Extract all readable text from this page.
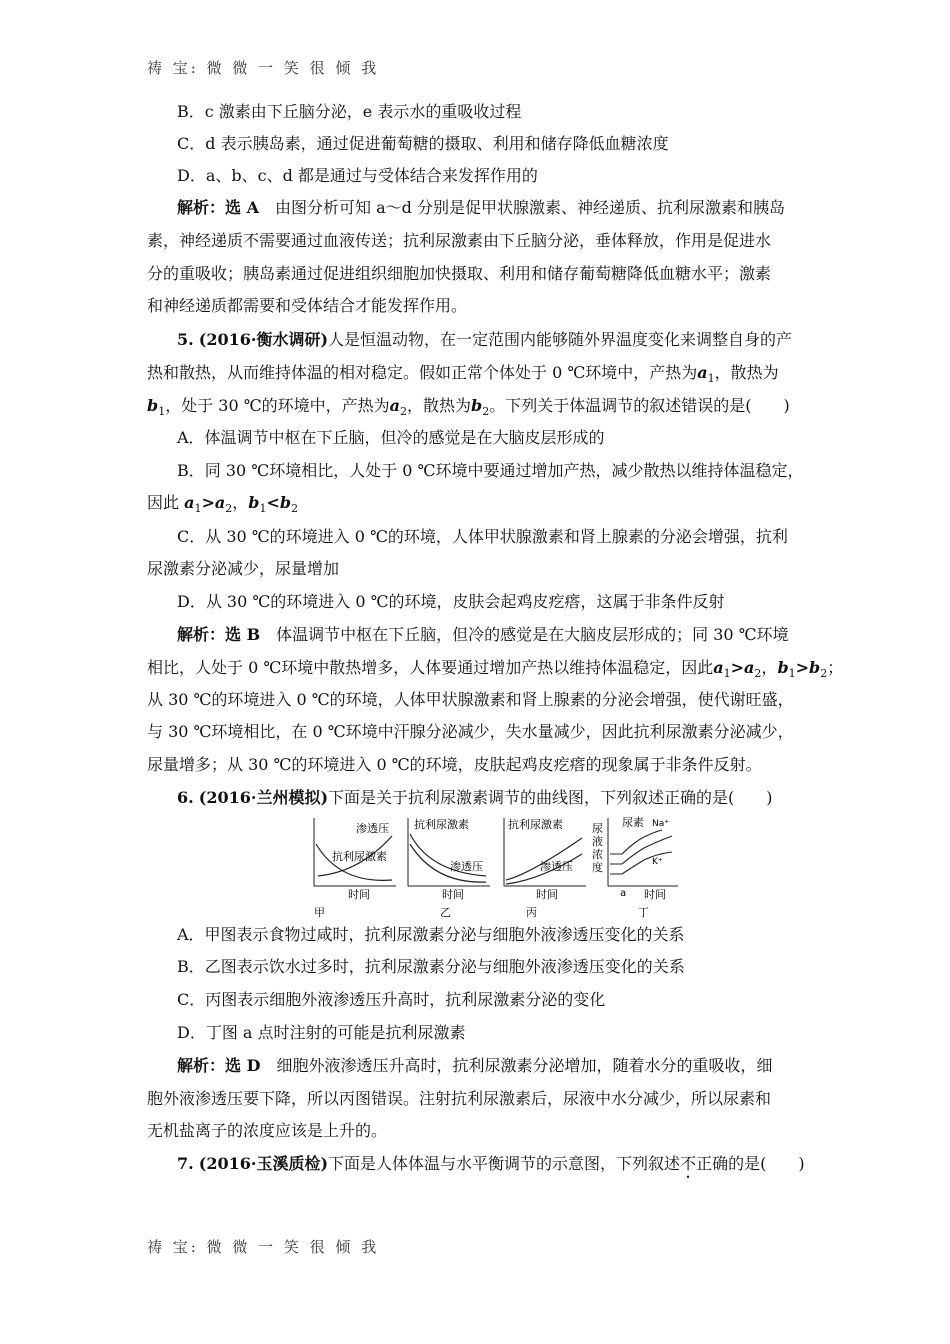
祷 宝: 微 微 一 笑 很 倾 我
B．c 激素由下丘脑分泌，e 表示水的重吸收过程
C．d 表示胰岛素，通过促进葡萄糖的摄取、利用和储存降低血糖浓度
D．a、b、c、d 都是通过与受体结合来发挥作用的
解析：选 A　 由图分析可知 a～d 分别是促甲状腺激素、神经递质、抗利尿激素和胰岛
素，神经递质不需要通过血液传送；抗利尿激素由下丘脑分泌，垂体释放，作用是促进水
分的重吸收；胰岛素通过促进组织细胞加快摄取、利用和储存葡萄糖降低血糖水平；激素
和神经递质都需要和受体结合才能发挥作用。
5. (2016·衡水调研)人是恒温动物，在一定范围内能够随外界温度变化来调整自身的产
热和散热，从而维持体温的相对稳定。假如正常个体处于 0 ℃环境中，产热为$a_1$，散热为
$b_1$，处于 30 ℃的环境中，产热为$a_2$，散热为$b_2$。下列关于体温调节的叙述错误的是(　　)
A．体温调节中枢在下丘脑，但冷的感觉是在大脑皮层形成的
B．同 30 ℃环境相比，人处于 0 ℃环境中要通过增加产热，减少散热以维持体温稳定，
因此 $a_1>a_2$，$b_1<b_2$
C．从 30 ℃的环境进入 0 ℃的环境，人体甲状腺激素和肾上腺素的分泌会增强，抗利
尿激素分泌减少，尿量增加
D．从 30 ℃的环境进入 0 ℃的环境，皮肤会起鸡皮疙瘩，这属于非条件反射
解析：选 B　 体温调节中枢在下丘脑，但冷的感觉是在大脑皮层形成的；同 30 ℃环境
相比，人处于 0 ℃环境中散热增多，人体要通过增加产热以维持体温稳定，因此$a_1>a_2$，$b_1>b_2$；
从 30 ℃的环境进入 0 ℃的环境，人体甲状腺激素和肾上腺素的分泌会增强，使代谢旺盛，
与 30 ℃环境相比，在 0 ℃环境中汗腺分泌减少，失水量减少，因此抗利尿激素分泌减少，
尿量增多；从 30 ℃的环境进入 0 ℃的环境，皮肤起鸡皮疙瘩的现象属于非条件反射。
6. (2016·兰州模拟)下面是关于抗利尿激素调节的曲线图，下列叙述正确的是(　　)
渗透压
抗利尿激素
时间
甲
抗利尿激素
渗透压
时间
乙
抗利尿激素
渗透压
时间
丙
尿
液
浓
度
尿素 Na⁺
K⁺
a 时间
丁
A．甲图表示食物过咸时，抗利尿激素分泌与细胞外液渗透压变化的关系
B．乙图表示饮水过多时，抗利尿激素分泌与细胞外液渗透压变化的关系
C．丙图表示细胞外液渗透压升高时，抗利尿激素分泌的变化
D．丁图 a 点时注射的可能是抗利尿激素
解析：选 D　 细胞外液渗透压升高时，抗利尿激素分泌增加，随着水分的重吸收，细
胞外液渗透压要下降，所以丙图错误。注射抗利尿激素后，尿液中水分减少，所以尿素和
无机盐离子的浓度应该是上升的。
7. (2016·玉溪质检)下面是人体体温与水平衡调节的示意图，下列叙述不正确的是(　　)
祷 宝: 微 微 一 笑 很 倾 我
